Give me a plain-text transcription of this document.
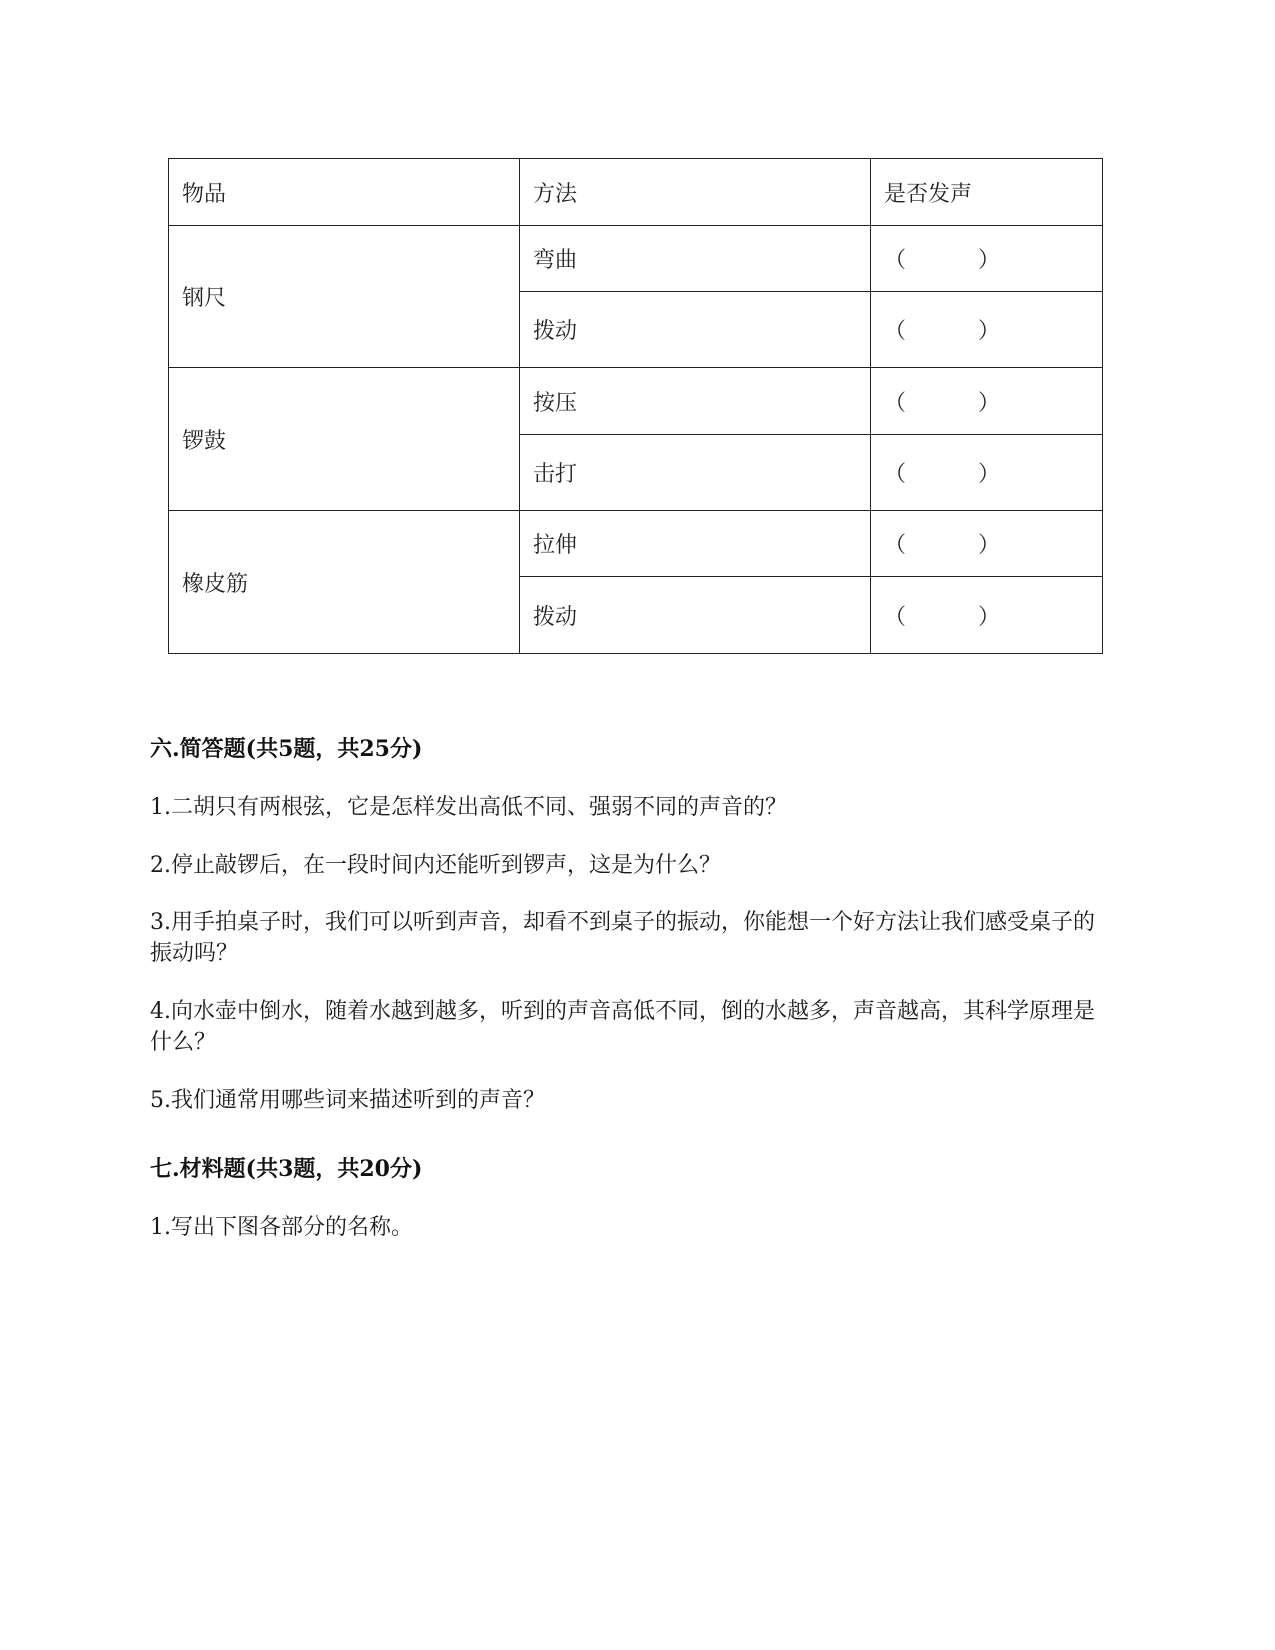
物品	方法	是否发声
钢尺	弯曲	（ ）
	拨动	（ ）
锣鼓	按压	（ ）
	击打	（ ）
橡皮筋	拉伸	（ ）
	拨动	（ ）
六.简答题(共5题，共25分)
1.二胡只有两根弦，它是怎样发出高低不同、强弱不同的声音的？
2.停止敲锣后，在一段时间内还能听到锣声，这是为什么？
3.用手拍桌子时，我们可以听到声音，却看不到桌子的振动，你能想一个好方法让我们感受桌子的振动吗？
4.向水壶中倒水，随着水越到越多，听到的声音高低不同，倒的水越多，声音越高，其科学原理是什么？
5.我们通常用哪些词来描述听到的声音？
七.材料题(共3题，共20分)
1.写出下图各部分的名称。
